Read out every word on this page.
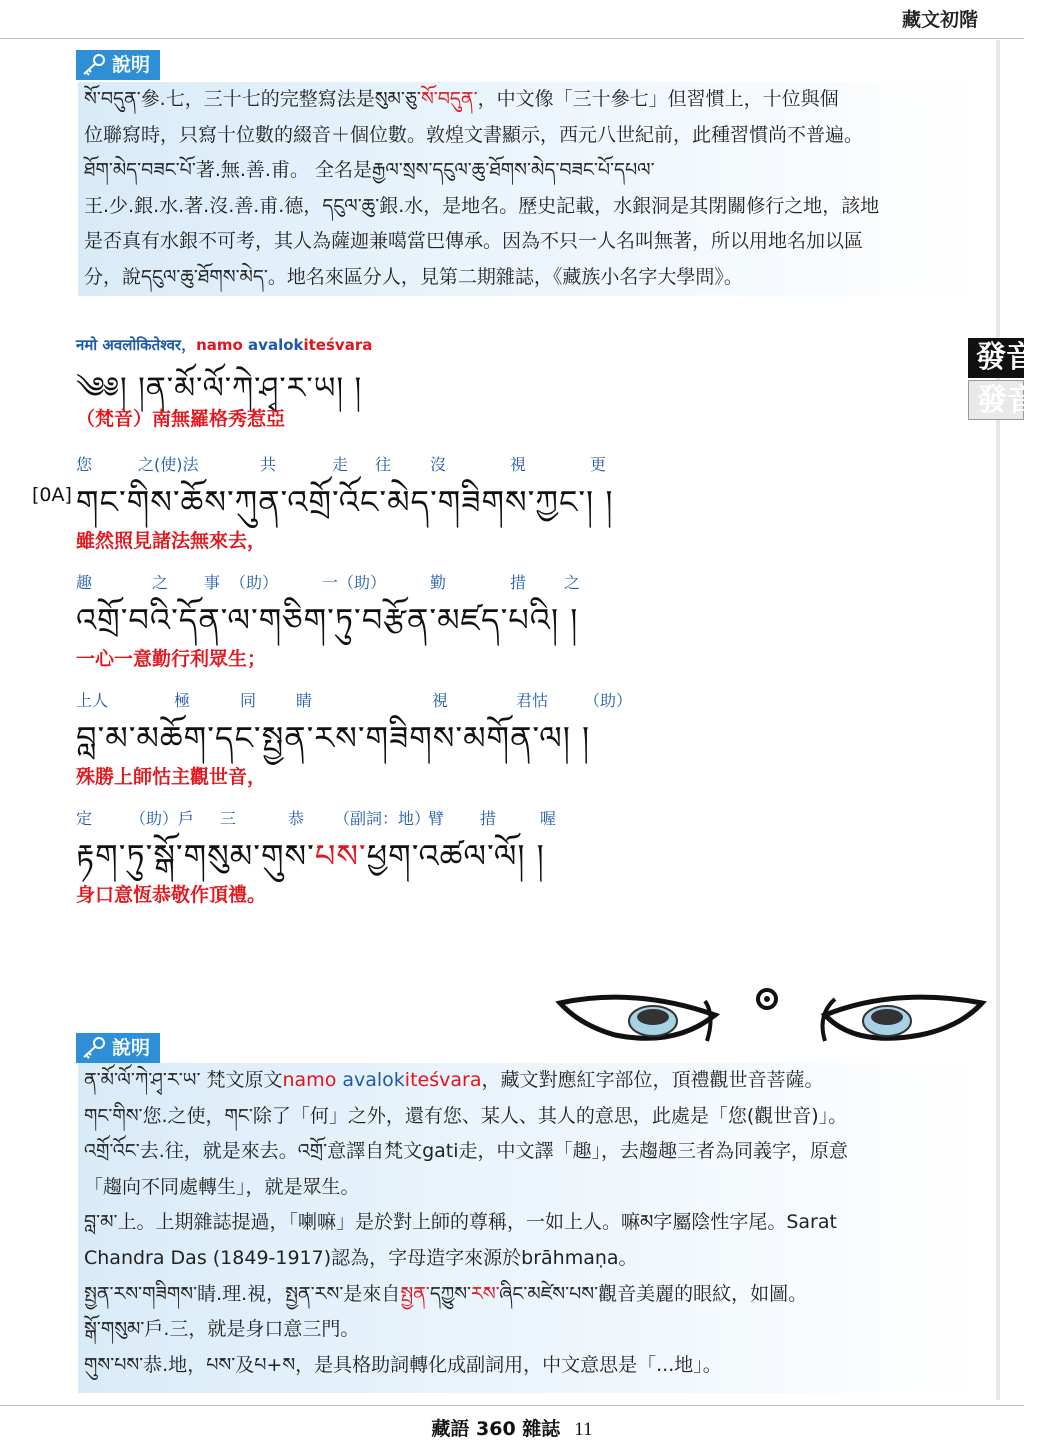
藏文初階
發音
發音
說明

སོ་བདུན་參.七，三十七的完整寫法是སུམ་ཅུ་སོ་བདུན་，中文像「三十參七」但習慣上，十位與個

位聯寫時，只寫十位數的綴音＋個位數。敦煌文書顯示，西元八世紀前，此種習慣尚不普遍。

ཐོག་མེད་བཟང་པོ་著.無.善.甫。 全名是རྒྱལ་སྲས་དངུལ་ཆུ་ཐོགས་མེད་བཟང་པོ་དཔལ་

王.少.銀.水.著.沒.善.甫.德，དངུལ་ཆུ་銀.水，是地名。歷史記載，水銀洞是其閉關修行之地，該地

是否真有水銀不可考，其人為薩迦兼噶當巴傳承。因為不只一人名叫無著，所以用地名加以區

分，說དངུལ་ཆུ་ཐོགས་མེད་。地名來區分人，見第二期雜誌，《藏族小名字大學問》。

नमो अवलोकितेश्वर，namo avalokiteśvara
༄༅། །ན་མོ་ལོ་ཀེ་ཤྭ་ར་ཡ། །
（梵音）南無羅格秀惹亞
[0A]
您	之(使)法	共	走 往 沒	視	更
གང་གིས་ཆོས་ཀུན་འགྲོ་འོང་མེད་གཟིགས་ཀྱང་། །
雖然照見諸法無來去，
趣	之 事 （助）	一（助）	勤	措 之
འགྲོ་བའི་དོན་ལ་གཅིག་ཏུ་བརྩོན་མཛད་པའི། །
一心一意勤行利眾生；
上人	極	同 睛	視	君怙 （助）
བླ་མ་མཆོག་དང་སྤྱན་རས་གཟིགས་མགོན་ལ། །
殊勝上師怙主觀世音，
定 （助）戶 三	恭 （副詞：地）
臂 措	喔
རྟག་ཏུ་སྒོ་གསུམ་གུས་པས་ཕྱག་འཚལ་ལོ། །
身口意恆恭敬作頂禮。
說明

ན་མོ་ལོ་ཀེ་ཤྭ་ར་ཡ་ 梵文原文namo avalokiteśvara，藏文對應紅字部位，頂禮觀世音菩薩。

གང་གིས་您.之使，གང་除了「何」之外，還有您、某人、其人的意思，此處是「您(觀世音)」。

འགྲོ་འོང་去.往，就是來去。འགྲོ་意譯自梵文gati走，中文譯「趣」，去趨趣三者為同義字，原意

「趨向不同處轉生」，就是眾生。

བླ་མ་上。上期雜誌提過，「喇嘛」是於對上師的尊稱，一如上人。嘛མ字屬陰性字尾。Sarat

Chandra Das (1849-1917)認為，字母造字來源於brāhmaṇa。

སྤྱན་རས་གཟིགས་睛.理.視，སྤྱན་རས་是來自སྤྱན་དཀྱུས་རས་ཞིང་མཛེས་པས་觀音美麗的眼紋，如圖。

སྒོ་གསུམ་戶.三，就是身口意三門。

གུས་པས་恭.地，པས་及པ+ས，是具格助詞轉化成副詞用，中文意思是「...地」。

藏語 360 雜誌 11
